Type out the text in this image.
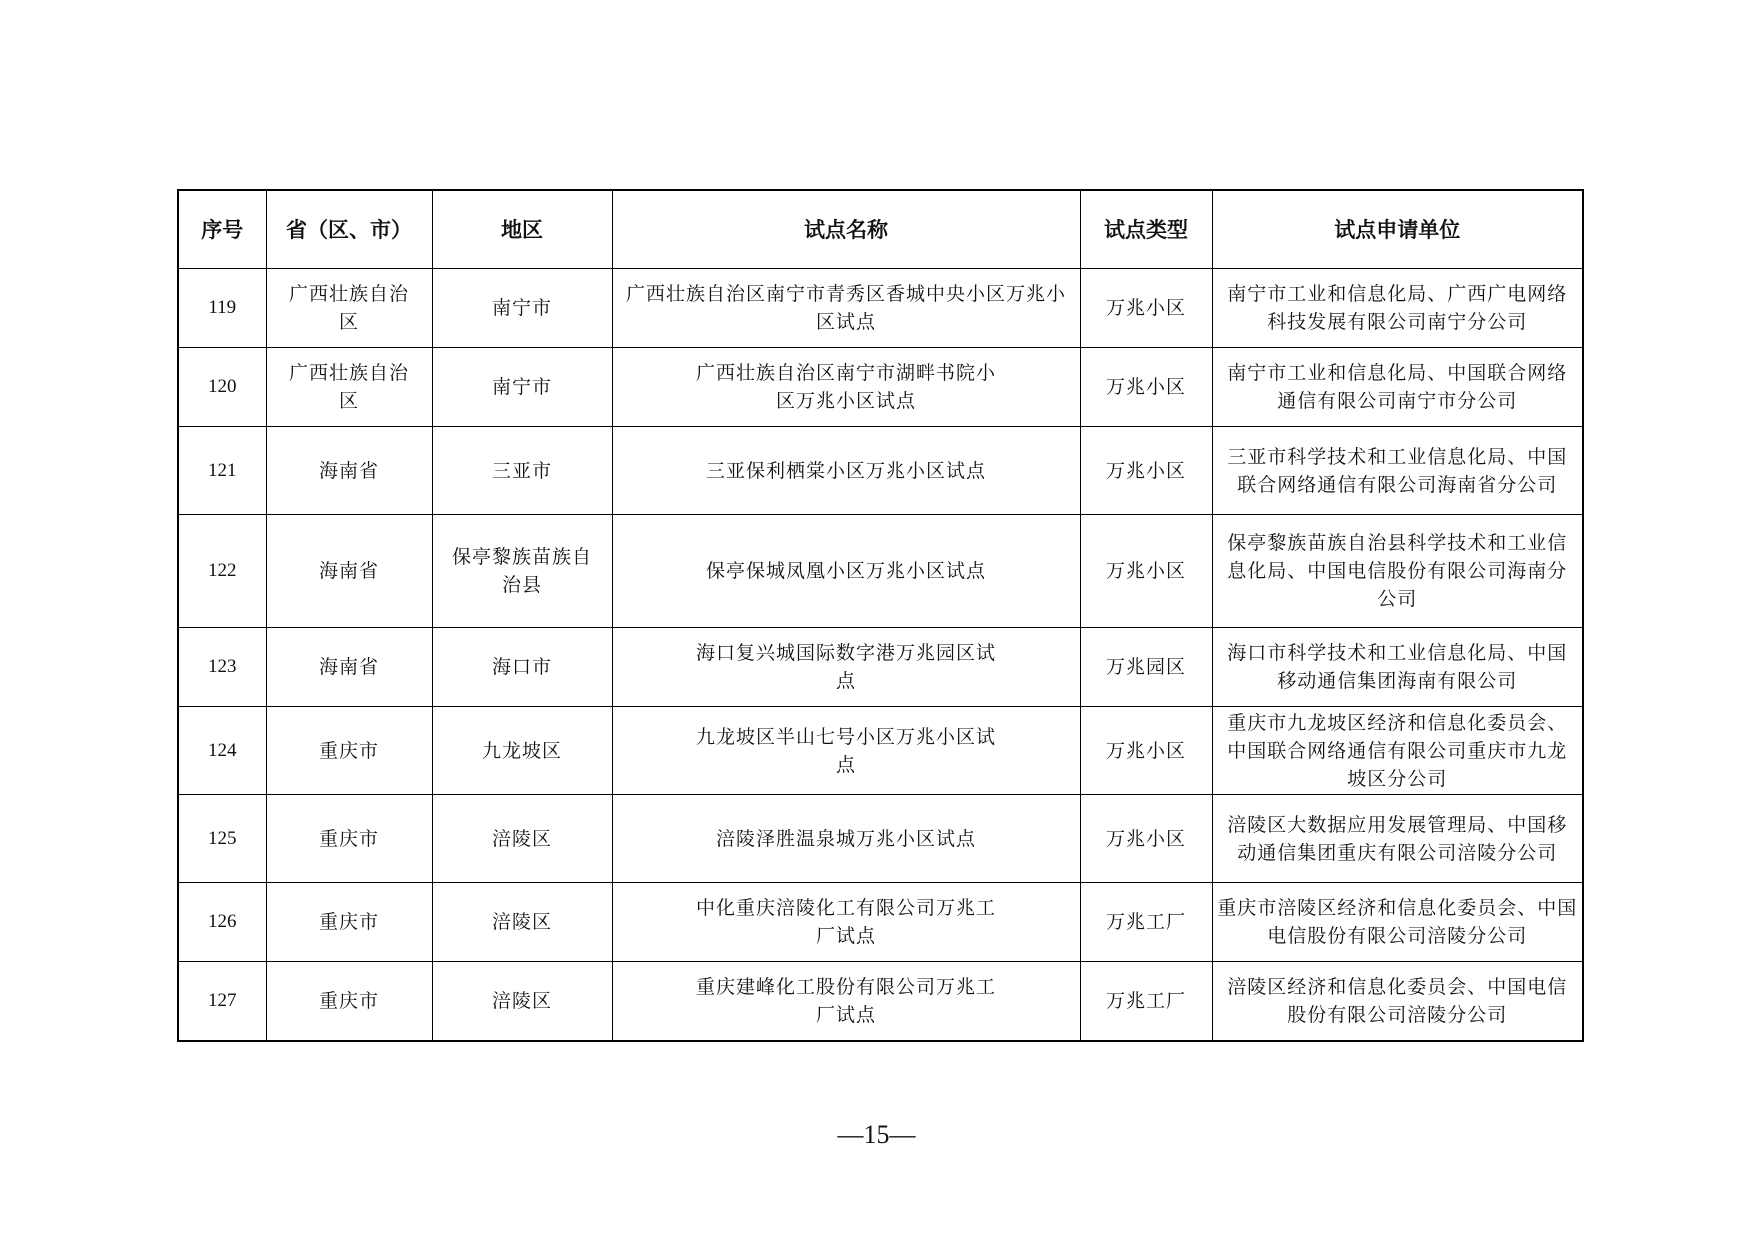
序号	省（区、市）	地区	试点名称	试点类型	试点申请单位
119	广西壮族自治区	南宁市	广西壮族自治区南宁市青秀区香城中央小区万兆小区试点	万兆小区	南宁市工业和信息化局、广西广电网络科技发展有限公司南宁分公司
120	广西壮族自治区	南宁市	广西壮族自治区南宁市湖畔书院小区万兆小区试点	万兆小区	南宁市工业和信息化局、中国联合网络通信有限公司南宁市分公司
121	海南省	三亚市	三亚保利栖棠小区万兆小区试点	万兆小区	三亚市科学技术和工业信息化局、中国联合网络通信有限公司海南省分公司
122	海南省	保亭黎族苗族自治县	保亭保城凤凰小区万兆小区试点	万兆小区	保亭黎族苗族自治县科学技术和工业信息化局、中国电信股份有限公司海南分公司
123	海南省	海口市	海口复兴城国际数字港万兆园区试点	万兆园区	海口市科学技术和工业信息化局、中国移动通信集团海南有限公司
124	重庆市	九龙坡区	九龙坡区半山七号小区万兆小区试点	万兆小区	重庆市九龙坡区经济和信息化委员会、中国联合网络通信有限公司重庆市九龙坡区分公司
125	重庆市	涪陵区	涪陵泽胜温泉城万兆小区试点	万兆小区	涪陵区大数据应用发展管理局、中国移动通信集团重庆有限公司涪陵分公司
126	重庆市	涪陵区	中化重庆涪陵化工有限公司万兆工厂试点	万兆工厂	重庆市涪陵区经济和信息化委员会、中国电信股份有限公司涪陵分公司
127	重庆市	涪陵区	重庆建峰化工股份有限公司万兆工厂试点	万兆工厂	涪陵区经济和信息化委员会、中国电信股份有限公司涪陵分公司
—15—
